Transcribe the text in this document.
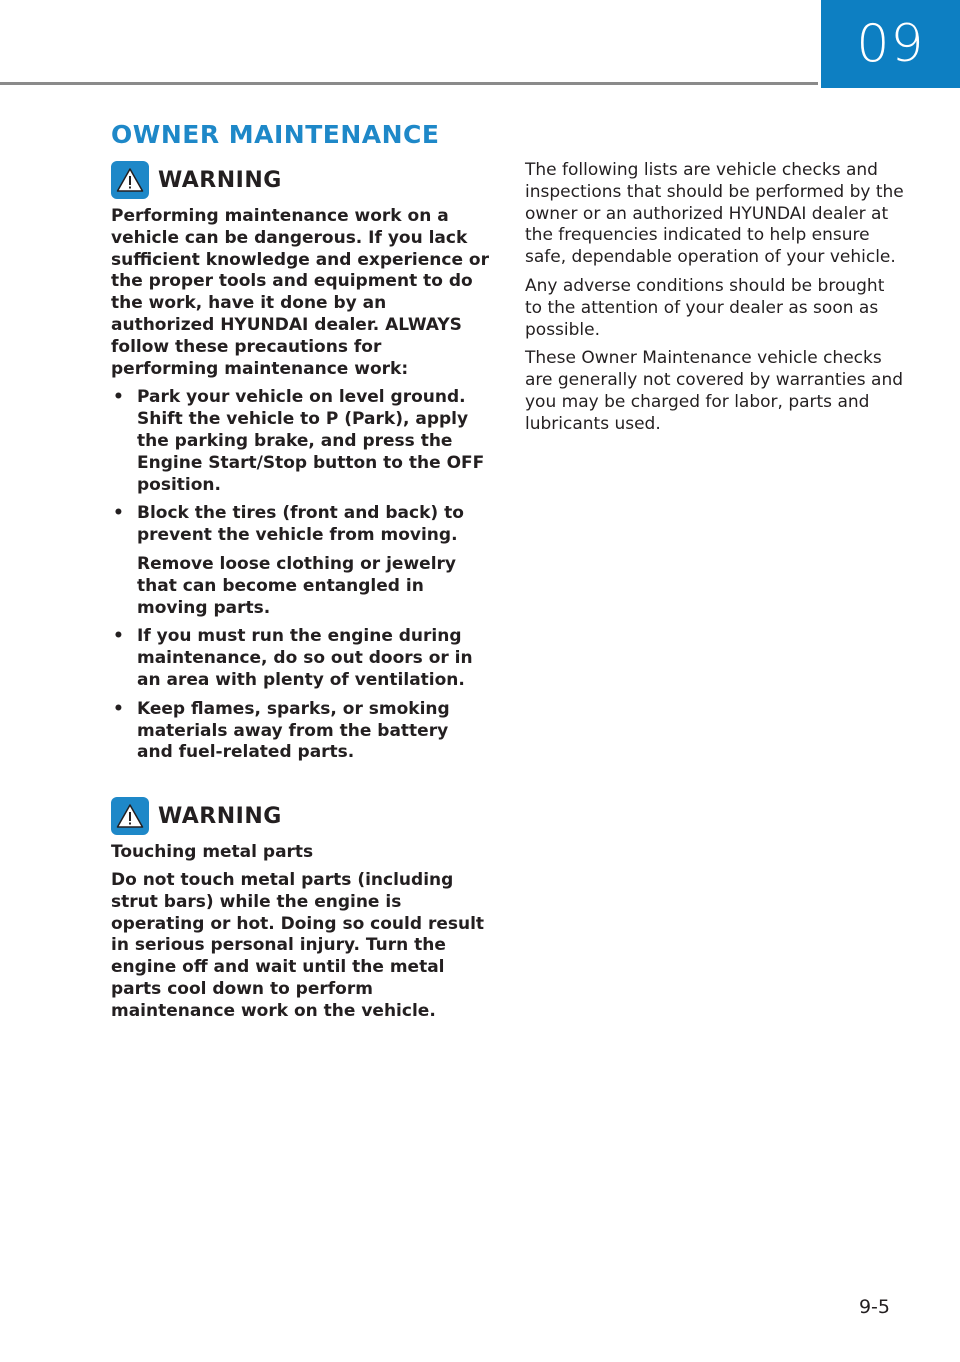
09
OWNER MAINTENANCE
WARNING

Performing maintenance work on a vehicle can be dangerous. If you lack sufficient knowledge and experience or the proper tools and equipment to do the work, have it done by an authorized HYUNDAI dealer. ALWAYS follow these precautions for performing maintenance work:

• Park your vehicle on level ground. Shift the vehicle to P (Park), apply the parking brake, and press the Engine Start/Stop button to the OFF position.

• Block the tires (front and back) to prevent the vehicle from moving.

Remove loose clothing or jewelry that can become entangled in moving parts.

• If you must run the engine during maintenance, do so out doors or in an area with plenty of ventilation.

• Keep flames, sparks, or smoking materials away from the battery and fuel-related parts.

WARNING

Touching metal parts

Do not touch metal parts (including strut bars) while the engine is operating or hot. Doing so could result in serious personal injury. Turn the engine off and wait until the metal parts cool down to perform maintenance work on the vehicle.

The following lists are vehicle checks and inspections that should be performed by the owner or an authorized HYUNDAI dealer at the frequencies indicated to help ensure safe, dependable operation of your vehicle.

Any adverse conditions should be brought to the attention of your dealer as soon as possible.

These Owner Maintenance vehicle checks are generally not covered by warranties and you may be charged for labor, parts and lubricants used.

9-5
